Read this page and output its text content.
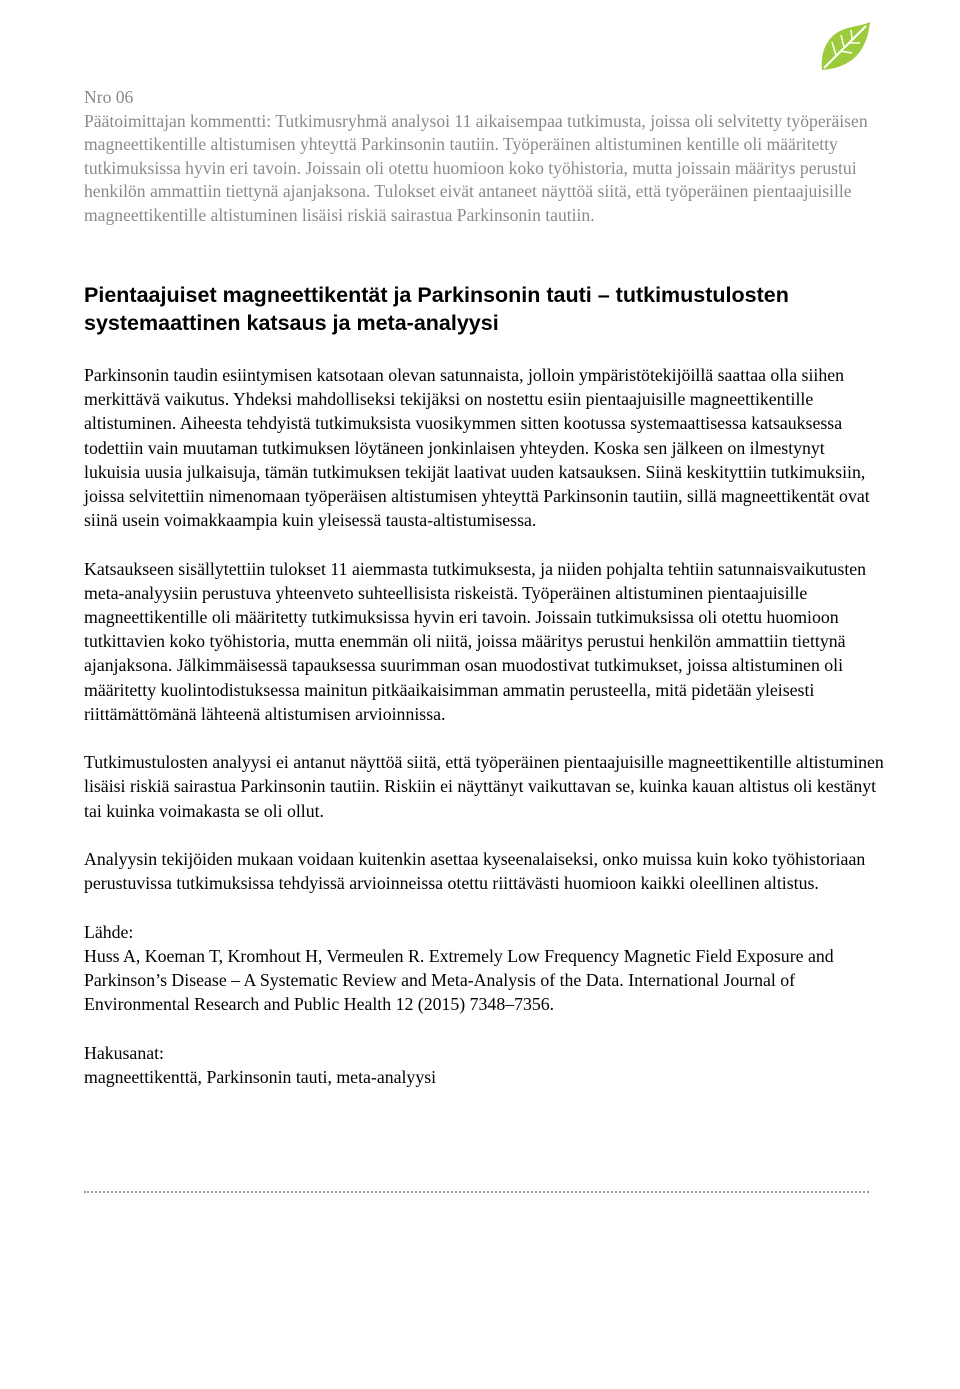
Nro 06

Päätoimittajan kommentti: Tutkimusryhmä analysoi 11 aikaisempaa tutkimusta, joissa oli selvitetty työperäisen magneettikentille altistumisen yhteyttä Parkinsonin tautiin. Työperäinen altistuminen kentille oli määritetty tutkimuksissa hyvin eri tavoin. Joissain oli otettu huomioon koko työhistoria, mutta joissain määritys perustui henkilön ammattiin tiettynä ajanjaksona. Tulokset eivät antaneet näyttöä siitä, että työperäinen pientaajuisille magneettikentille altistuminen lisäisi riskiä sairastua Parkinsonin tautiin.

Pientaajuiset magneettikentät ja Parkinsonin tauti – tutkimustulosten systemaattinen katsaus ja meta-analyysi

Parkinsonin taudin esiintymisen katsotaan olevan satunnaista, jolloin ympäristötekijöillä saattaa olla siihen merkittävä vaikutus. Yhdeksi mahdolliseksi tekijäksi on nostettu esiin pientaajuisille magneettikentille altistuminen. Aiheesta tehdyistä tutkimuksista vuosikymmen sitten kootussa systemaattisessa katsauksessa todettiin vain muutaman tutkimuksen löytäneen jonkinlaisen yhteyden. Koska sen jälkeen on ilmestynyt lukuisia uusia julkaisuja, tämän tutkimuksen tekijät laativat uuden katsauksen. Siinä keskityttiin tutkimuksiin, joissa selvitettiin nimenomaan työperäisen altistumisen yhteyttä Parkinsonin tautiin, sillä magneettikentät ovat siinä usein voimakkaampia kuin yleisessä tausta-altistumisessa.

Katsaukseen sisällytettiin tulokset 11 aiemmasta tutkimuksesta, ja niiden pohjalta tehtiin satunnaisvaikutusten meta-analyysiin perustuva yhteenveto suhteellisista riskeistä. Työperäinen altistuminen pientaajuisille magneettikentille oli määritetty tutkimuksissa hyvin eri tavoin. Joissain tutkimuksissa oli otettu huomioon tutkittavien koko työhistoria, mutta enemmän oli niitä, joissa määritys perustui henkilön ammattiin tiettynä ajanjaksona. Jälkimmäisessä tapauksessa suurimman osan muodostivat tutkimukset, joissa altistuminen oli määritetty kuolintodistuksessa mainitun pitkäaikaisimman ammatin perusteella, mitä pidetään yleisesti riittämättömänä lähteenä altistumisen arvioinnissa.

Tutkimustulosten analyysi ei antanut näyttöä siitä, että työperäinen pientaajuisille magneettikentille altistuminen lisäisi riskiä sairastua Parkinsonin tautiin. Riskiin ei näyttänyt vaikuttavan se, kuinka kauan altistus oli kestänyt tai kuinka voimakasta se oli ollut.

Analyysin tekijöiden mukaan voidaan kuitenkin asettaa kyseenalaiseksi, onko muissa kuin koko työhistoriaan perustuvissa tutkimuksissa tehdyissä arvioinneissa otettu riittävästi huomioon kaikki oleellinen altistus.

Lähde:

Huss A, Koeman T, Kromhout H, Vermeulen R. Extremely Low Frequency Magnetic Field Exposure and Parkinson’s Disease – A Systematic Review and Meta-Analysis of the Data. International Journal of Environmental Research and Public Health 12 (2015) 7348–7356.

Hakusanat:

magneettikenttä, Parkinsonin tauti, meta-analyysi
